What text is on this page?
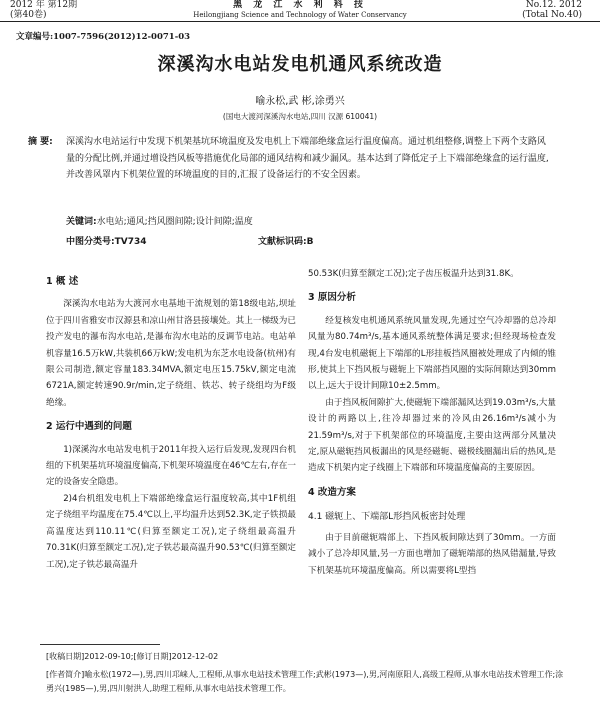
2012 年 第12期
(第40卷)
黑 龙 江 水 利 科 技
Heilongjiang Science and Technology of Water Conservancy
No.12. 2012
(Total No.40)
文章编号:1007-7596(2012)12-0071-03
深溪沟水电站发电机通风系统改造
喻永松,武 彬,涂勇兴
(国电大渡河深溪沟水电站,四川 汉源 610041)
摘 要: 深溪沟水电站运行中发现下机架基坑环境温度及发电机上下端部绝缘盒运行温度偏高。通过机组整修,调整上下两个支路风量的分配比例,并通过增设挡风板等措施优化局部的通风结构和减少漏风。基本达到了降低定子上下端部绝缘盒的运行温度,并改善风罩内下机架位置的环境温度的目的,汇报了设备运行的不安全因素。
关键词:水电站;通风;挡风圈间隙;设计间隙;温度
中图分类号:TV734	文献标识码:B
1 概 述

深溪沟水电站为大渡河水电基地干流规划的第18级电站,坝址位于四川省雅安市汉源县和凉山州甘洛县接壤处。其上一梯级为已投产发电的瀑布沟水电站,是瀑布沟水电站的反调节电站。电站单机容量16.5万kW,共装机66万kW;发电机为东芝水电设备(杭州)有限公司制造,额定容量183.34MVA,额定电压15.75kV,额定电流6721A,额定转速90.9r/min,定子绕组、铁芯、转子绕组均为F级绝缘。

2 运行中遇到的问题

1)深溪沟水电站发电机于2011年投入运行后发现,发现四台机组的下机架基坑环境温度偏高,下机架环境温度在46℃左右,存在一定的设备安全隐患。

2)4台机组发电机上下端部绝缘盒运行温度较高,其中1F机组定子绕组平均温度在75.4℃以上,平均温升达到52.3K,定子铁损最高温度达到110.11℃(归算至额定工况),定子绕组最高温升70.31K(归算至额定工况),定子铁芯最高温升90.53℃(归算至额定工况),定子铁芯最高温升

50.53K(归算至额定工况);定子齿压板温升达到31.8K。

3 原因分析

经复核发电机通风系统风量发现,先通过空气冷却器的总冷却风量为80.74m³/s,基本通风系统整体满足要求;但经现场检查发现,4台发电机磁轭上下端部的L形挂板挡风圈被处理成了内倾的锥形,使其上下挡风板与磁轭上下端部挡风圈的实际间隙达到30mm以上,远大于设计间隙10±2.5mm。

由于挡风板间隙扩大,使磁轭下端部漏风达到19.03m³/s,大量设计的两路以上,往冷却器过来的冷风由26.16m³/s减小为21.59m³/s,对于下机架部位的环境温度,主要由这两部分风量决定,原从磁轭挡风板漏出的风是经磁轭、磁极线圈漏出后的热风,是造成下机架内定子线圈上下端部和环境温度偏高的主要原因。

4 改造方案
4.1 磁轭上、下端部L形挡风板密封处理

由于目前磁轭端部上、下挡风板间隙达到了30mm。一方面减小了总冷却风量,另一方面也增加了磁轭端部的热风错漏量,导致下机架基坑环境温度偏高。所以需要将L型挡

[收稿日期]2012-09-10;[修订日期]2012-12-02
[作者简介]喻永松(1972—),男,四川邛崃人,工程师,从事水电站技术管理工作;武彬(1973—),男,河南原阳人,高级工程师,从事水电站技术管理工作;涂勇兴(1985—),男,四川射洪人,助理工程师,从事水电站技术管理工作。
